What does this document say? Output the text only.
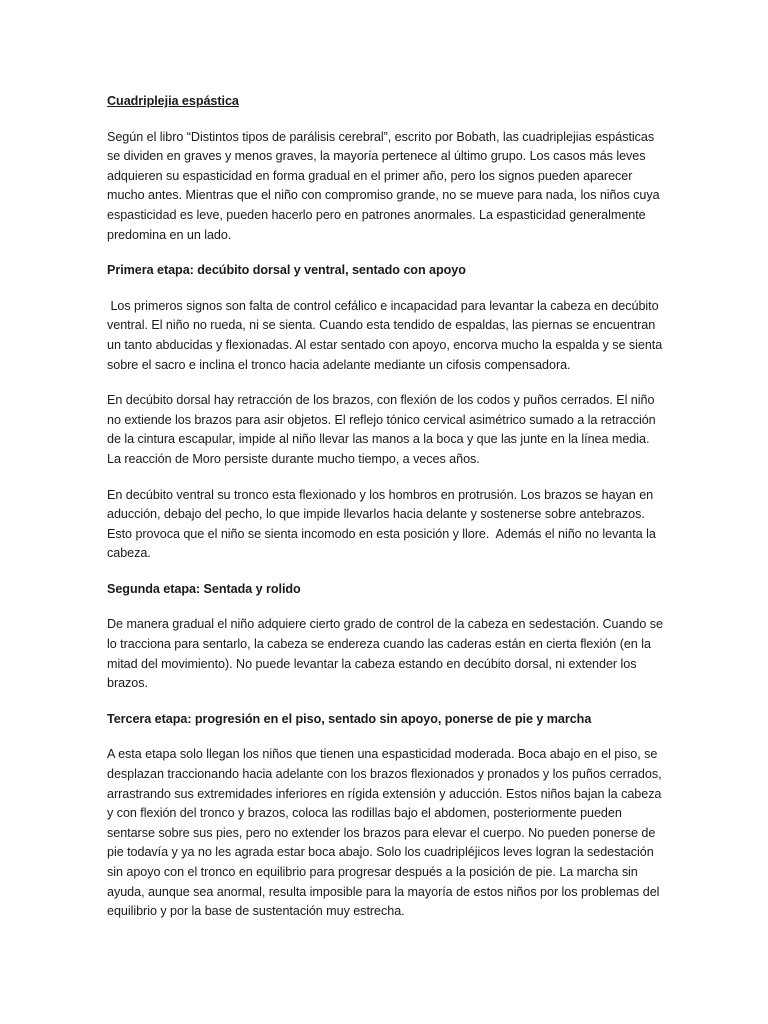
Cuadriplejia espástica

Según el libro “Distintos tipos de parálisis cerebral”, escrito por Bobath, las cuadriplejias espásticas se dividen en graves y menos graves, la mayoría pertenece al último grupo. Los casos más leves adquieren su espasticidad en forma gradual en el primer año, pero los signos pueden aparecer mucho antes. Mientras que el niño con compromiso grande, no se mueve para nada, los niños cuya espasticidad es leve, pueden hacerlo pero en patrones anormales. La espasticidad generalmente predomina en un lado.

Primera etapa: decúbito dorsal y ventral, sentado con apoyo

Los primeros signos son falta de control cefálico e incapacidad para levantar la cabeza en decúbito ventral. El niño no rueda, ni se sienta. Cuando esta tendido de espaldas, las piernas se encuentran un tanto abducidas y flexionadas. Al estar sentado con apoyo, encorva mucho la espalda y se sienta sobre el sacro e inclina el tronco hacia adelante mediante un cifosis compensadora.

En decúbito dorsal hay retracción de los brazos, con flexión de los codos y puños cerrados. El niño no extiende los brazos para asir objetos. El reflejo tónico cervical asimétrico sumado a la retracción de la cintura escapular, impide al niño llevar las manos a la boca y que las junte en la línea media. La reacción de Moro persiste durante mucho tiempo, a veces años.

En decúbito ventral su tronco esta flexionado y los hombros en protrusión. Los brazos se hayan en aducción, debajo del pecho, lo que impide llevarlos hacia delante y sostenerse sobre antebrazos. Esto provoca que el niño se sienta incomodo en esta posición y llore.  Además el niño no levanta la cabeza.

Segunda etapa: Sentada y rolido

De manera gradual el niño adquiere cierto grado de control de la cabeza en sedestación. Cuando se lo tracciona para sentarlo, la cabeza se endereza cuando las caderas están en cierta flexión (en la mitad del movimiento). No puede levantar la cabeza estando en decúbito dorsal, ni extender los brazos.

Tercera etapa: progresión en el piso, sentado sin apoyo, ponerse de pie y marcha

A esta etapa solo llegan los niños que tienen una espasticidad moderada. Boca abajo en el piso, se desplazan traccionando hacia adelante con los brazos flexionados y pronados y los puños cerrados, arrastrando sus extremidades inferiores en rígida extensión y aducción. Estos niños bajan la cabeza y con flexión del tronco y brazos, coloca las rodillas bajo el abdomen, posteriormente pueden sentarse sobre sus pies, pero no extender los brazos para elevar el cuerpo. No pueden ponerse de pie todavía y ya no les agrada estar boca abajo. Solo los cuadripléjicos leves logran la sedestación sin apoyo con el tronco en equilibrio para progresar después a la posición de pie. La marcha sin ayuda, aunque sea anormal, resulta imposible para la mayoría de estos niños por los problemas del equilibrio y por la base de sustentación muy estrecha.
